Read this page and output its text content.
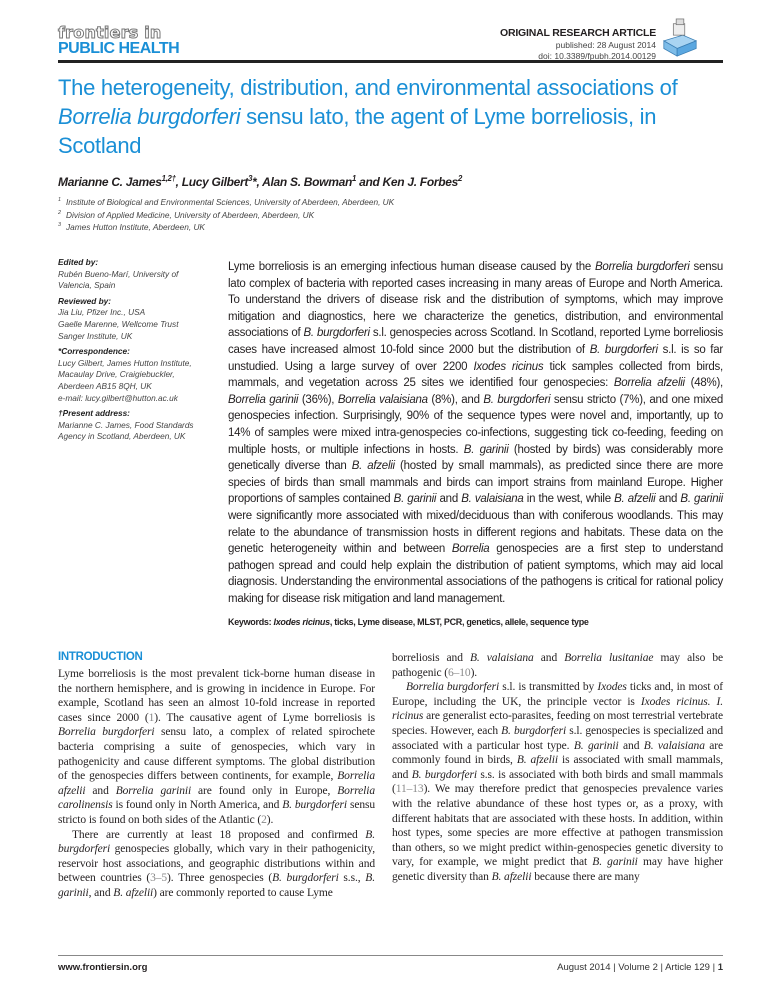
frontiers in
PUBLIC HEALTH
ORIGINAL RESEARCH ARTICLE
published: 28 August 2014
doi: 10.3389/fpubh.2014.00129
The heterogeneity, distribution, and environmental associations of Borrelia burgdorferi sensu lato, the agent of Lyme borreliosis, in Scotland
Marianne C. James$^{1,2\dagger}$, Lucy Gilbert$^3$*, Alan S. Bowman$^1$ and Ken J. Forbes$^2$
$^1$ Institute of Biological and Environmental Sciences, University of Aberdeen, Aberdeen, UK
$^2$ Division of Applied Medicine, University of Aberdeen, Aberdeen, UK
$^3$ James Hutton Institute, Aberdeen, UK
Edited by:
Rubén Bueno-Marí, University of
Valencia, Spain
Reviewed by:
Jia Liu, Pfizer Inc., USA
Gaelle Marenne, Wellcome Trust
Sanger Institute, UK
*Correspondence:
Lucy Gilbert, James Hutton Institute,
Macaulay Drive, Craigiebuckler,
Aberdeen AB15 8QH, UK
e-mail: lucy.gilbert@hutton.ac.uk
†Present address:
Marianne C. James, Food Standards
Agency in Scotland, Aberdeen, UK
Lyme borreliosis is an emerging infectious human disease caused by the Borrelia burgdorferi sensu lato complex of bacteria with reported cases increasing in many areas of Europe and North America. To understand the drivers of disease risk and the distribution of symptoms, which may improve mitigation and diagnostics, here we characterize the genetics, distribution, and environmental associations of B. burgdorferi s.l. genospecies across Scotland. In Scotland, reported Lyme borreliosis cases have increased almost 10-fold since 2000 but the distribution of B. burgdorferi s.l. is so far unstudied. Using a large survey of over 2200 Ixodes ricinus tick samples collected from birds, mammals, and vegetation across 25 sites we identified four genospecies: Borrelia afzelii (48%), Borrelia garinii (36%), Borrelia valaisiana (8%), and B. burgdorferi sensu stricto (7%), and one mixed genospecies infection. Surprisingly, 90% of the sequence types were novel and, importantly, up to 14% of samples were mixed intra-genospecies co-infections, suggesting tick co-feeding, feeding on multiple hosts, or multiple infections in hosts. B. garinii (hosted by birds) was considerably more genetically diverse than B. afzelii (hosted by small mammals), as predicted since there are more species of birds than small mammals and birds can import strains from mainland Europe. Higher proportions of samples contained B. garinii and B. valaisiana in the west, while B. afzelii and B. garinii were significantly more associated with mixed/deciduous than with coniferous woodlands. This may relate to the abundance of transmission hosts in different regions and habitats. These data on the genetic heterogeneity within and between Borrelia genospecies are a first step to understand pathogen spread and could help explain the distribution of patient symptoms, which may aid local diagnosis. Understanding the environmental associations of the pathogens is critical for rational policy making for disease risk mitigation and land management.
Keywords: Ixodes ricinus, ticks, Lyme disease, MLST, PCR, genetics, allele, sequence type
INTRODUCTION

Lyme borreliosis is the most prevalent tick-borne human disease in the northern hemisphere, and is growing in incidence in Europe. For example, Scotland has seen an almost 10-fold increase in reported cases since 2000 (1). The causative agent of Lyme borreliosis is Borrelia burgdorferi sensu lato, a complex of related spirochete bacteria comprising a suite of genospecies, which vary in pathogenicity and cause different symptoms. The global distribution of the genospecies differs between continents, for example, Borrelia afzelii and Borrelia garinii are found only in Europe, Borrelia carolinensis is found only in North America, and B. burgdorferi sensu stricto is found on both sides of the Atlantic (2).

There are currently at least 18 proposed and confirmed B. burgdorferi genospecies globally, which vary in their pathogenicity, reservoir host associations, and geographic distributions within and between countries (3–5). Three genospecies (B. burgdorferi s.s., B. garinii, and B. afzelii) are commonly reported to cause Lyme

borreliosis and B. valaisiana and Borrelia lusitaniae may also be pathogenic (6–10).

Borrelia burgdorferi s.l. is transmitted by Ixodes ticks and, in most of Europe, including the UK, the principle vector is Ixodes ricinus. I. ricinus are generalist ecto-parasites, feeding on most terrestrial vertebrate species. However, each B. burgdorferi s.l. genospecies is specialized and associated with a particular host type. B. garinii and B. valaisiana are commonly found in birds, B. afzelii is associated with small mammals, and B. burgdorferi s.s. is associated with both birds and small mammals (11–13). We may therefore predict that genospecies prevalence varies with the relative abundance of these host types or, as a proxy, with different habitats that are associated with these hosts. In addition, within host types, some species are more effective at pathogen transmission than others, so we might predict within-genospecies genetic diversity to vary, for example, we might predict that B. garinii may have higher genetic diversity than B. afzelii because there are many

www.frontiersin.org	August 2014 | Volume 2 | Article 129 | 1
